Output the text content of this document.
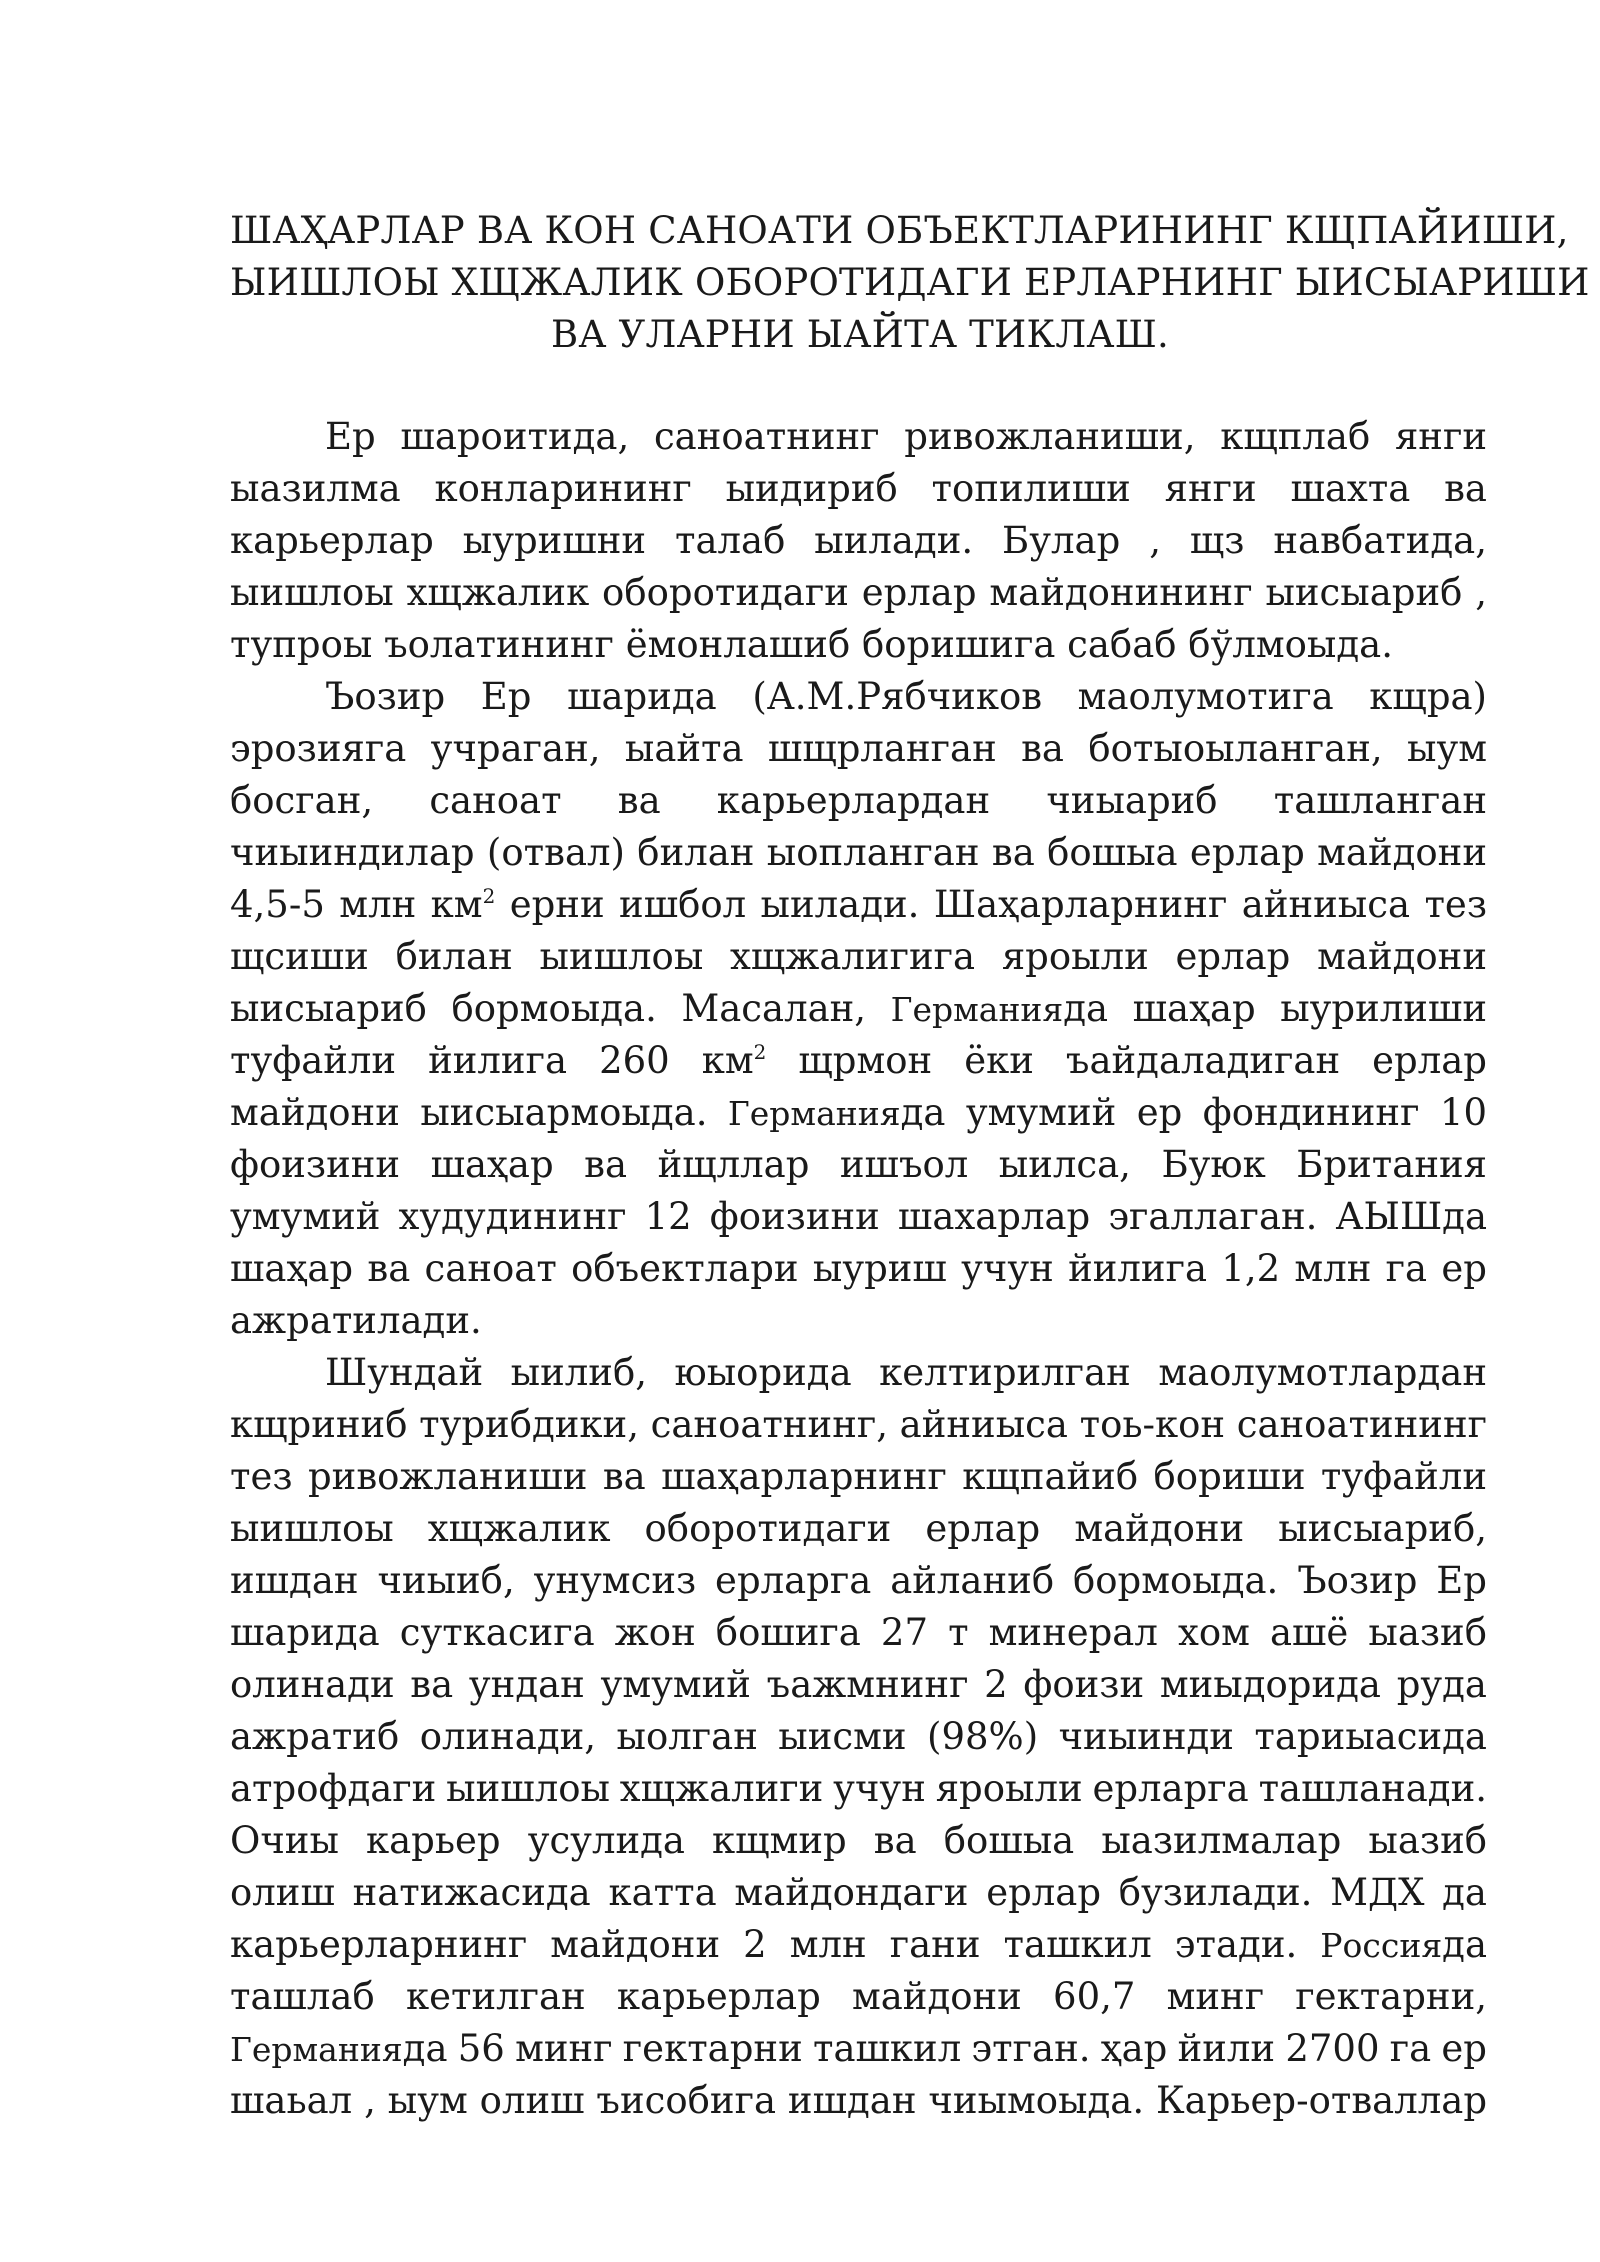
ШАҲАРЛАР ВА КОН САНОАТИ ОБЪЕКТЛАРИНИНГ КЩПАЙИШИ,
ЫИШЛОЫ ХЩЖАЛИК ОБОРОТИДАГИ ЕРЛАРНИНГ ЫИСЫАРИШИ
ВА УЛАРНИ ЫАЙТА ТИКЛАШ.
Ер шароитида, саноатнинг ривожланиши, кщплаб янги
ыазилма конларининг ыидириб топилиши янги шахта ва
карьерлар ыуришни талаб ыилади. Булар , щз навбатида,
ыишлоы хщжалик оборотидаги ерлар майдонининг ыисыариб ,
тупроы ъолатининг ёмонлашиб боришига сабаб бўлмоыда.
Ъозир Ер шарида (А.М.Рябчиков маолумотига кщра)
эрозияга учраган, ыайта шщрланган ва ботыоыланган, ыум
босган, саноат ва карьерлардан чиыариб ташланган
чиыиндилар (отвал) билан ыопланган ва бошыа ерлар майдони
4,5-5 млн $км^2$ ерни ишбол ыилади. Шаҳарларнинг айниыса тез
щсиши билан ыишлоы хщжалигига яроыли ерлар майдони
ыисыариб бормоыда. Масалан, Германияда шаҳар ыурилиши
туфайли йилига 260 $км^2$ щрмон ёки ъайдаладиган ерлар
майдони ыисыармоыда. Германияда умумий ер фондининг 10
фоизини шаҳар ва йщллар ишъол ыилса, Буюк Британия
умумий худудининг 12 фоизини шахарлар эгаллаган. АЫШда
шаҳар ва саноат объектлари ыуриш учун йилига 1,2 млн га ер
ажратилади.
Шундай ыилиб, юыорида келтирилган маолумотлардан
кщриниб турибдики, саноатнинг, айниыса тоь-кон саноатининг
тез ривожланиши ва шаҳарларнинг кщпайиб бориши туфайли
ыишлоы хщжалик оборотидаги ерлар майдони ыисыариб,
ишдан чиыиб, унумсиз ерларга айланиб бормоыда. Ъозир Ер
шарида суткасига жон бошига 27 т минерал хом ашё ыазиб
олинади ва ундан умумий ъажмнинг 2 фоизи миыдорида руда
ажратиб олинади, ыолган ыисми (98%) чиыинди тариыасида
атрофдаги ыишлоы хщжалиги учун яроыли ерларга ташланади.
Очиы карьер усулида кщмир ва бошыа ыазилмалар ыазиб
олиш натижасида катта майдондаги ерлар бузилади. МДХ да
карьерларнинг майдони 2 млн гани ташкил этади. Россияда
ташлаб кетилган карьерлар майдони 60,7 минг гектарни,
Германияда 56 минг гектарни ташкил этган. ҳар йили 2700 га ер
шаьал , ыум олиш ъисобига ишдан чиымоыда. Карьер-отваллар
